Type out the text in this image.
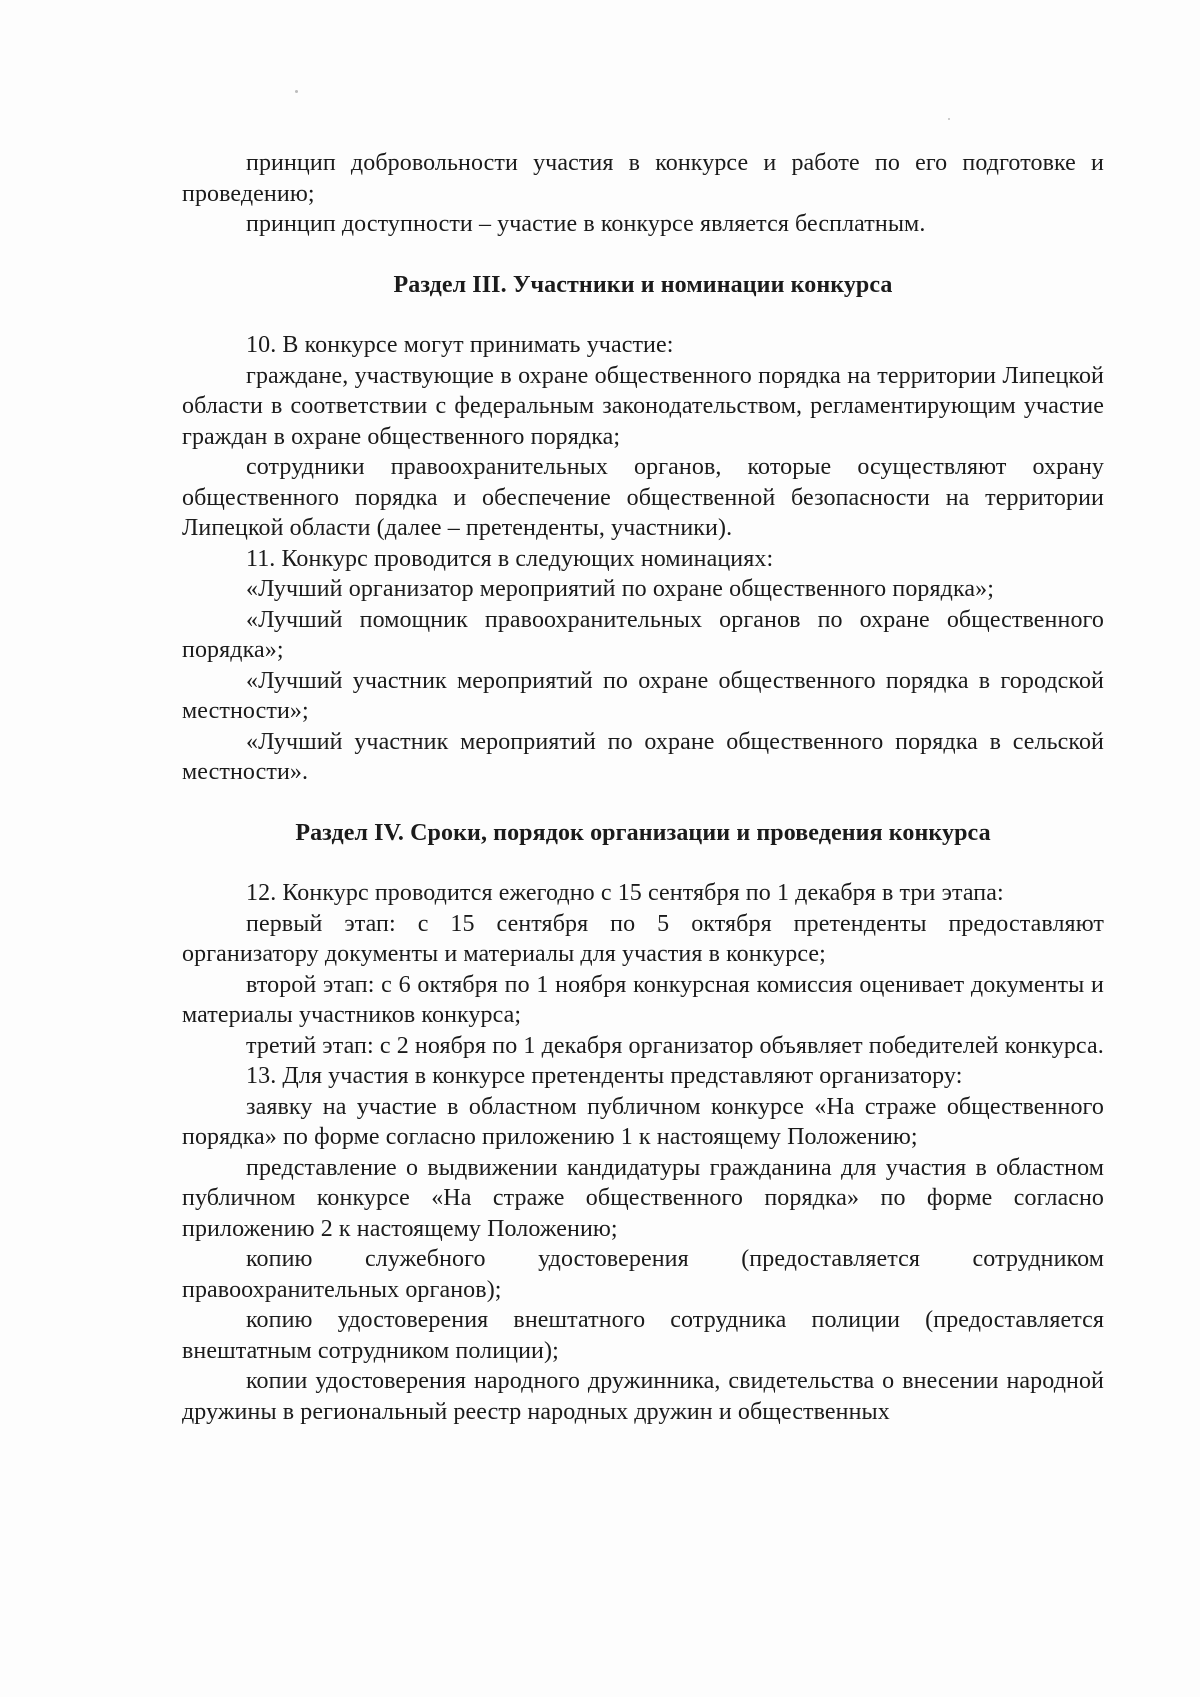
принцип добровольности участия в конкурсе и работе по его подготовке и проведению;

принцип доступности – участие в конкурсе является бесплатным.

Раздел III. Участники и номинации конкурса

10. В конкурсе могут принимать участие:

граждане, участвующие в охране общественного порядка на территории Липецкой области в соответствии с федеральным законодательством, регламентирующим участие граждан в охране общественного порядка;

сотрудники правоохранительных органов, которые осуществляют охрану общественного порядка и обеспечение общественной безопасности на территории Липецкой области (далее – претенденты, участники).

11. Конкурс проводится в следующих номинациях:

«Лучший организатор мероприятий по охране общественного порядка»;

«Лучший помощник правоохранительных органов по охране общественного порядка»;

«Лучший участник мероприятий по охране общественного порядка в городской местности»;

«Лучший участник мероприятий по охране общественного порядка в сельской местности».

Раздел IV. Сроки, порядок организации и проведения конкурса

12. Конкурс проводится ежегодно с 15 сентября по 1 декабря в три этапа:

первый этап: с 15 сентября по 5 октября претенденты предоставляют организатору документы и материалы для участия в конкурсе;

второй этап: с 6 октября по 1 ноября конкурсная комиссия оценивает документы и материалы участников конкурса;

третий этап: с 2 ноября по 1 декабря организатор объявляет победителей конкурса.

13. Для участия в конкурсе претенденты представляют организатору:

заявку на участие в областном публичном конкурсе «На страже общественного порядка» по форме согласно приложению 1 к настоящему Положению;

представление о выдвижении кандидатуры гражданина для участия в областном публичном конкурсе «На страже общественного порядка» по форме согласно приложению 2 к настоящему Положению;

копию служебного удостоверения (предоставляется сотрудником правоохранительных органов);

копию удостоверения внештатного сотрудника полиции (предоставляется внештатным сотрудником полиции);

копии удостоверения народного дружинника, свидетельства о внесении народной дружины в региональный реестр народных дружин и общественных
